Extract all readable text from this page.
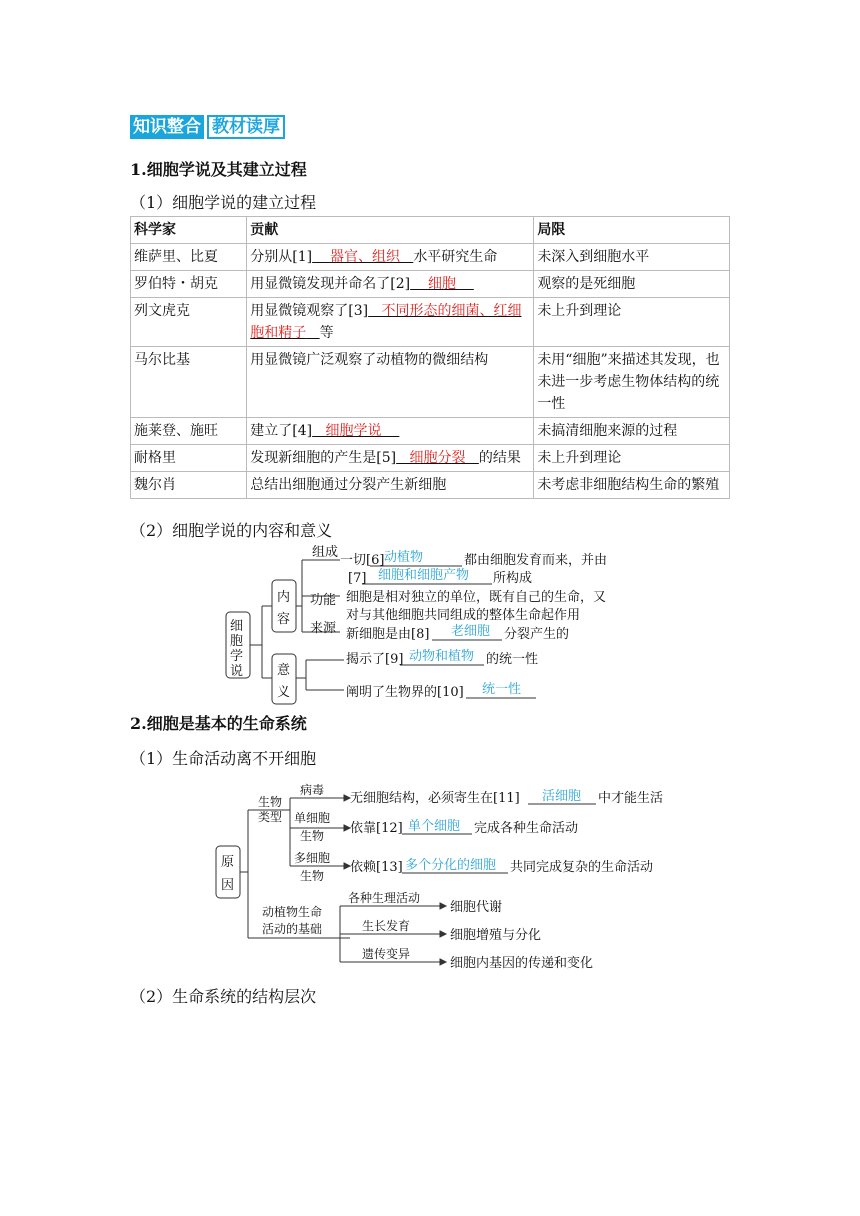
知识整合 教材读厚
1.细胞学说及其建立过程
（1）细胞学说的建立过程
科学家	贡献	局限
维萨里、比夏	分别从[1] 器官、组织 水平研究生命	未深入到细胞水平
罗伯特・胡克	用显微镜发现并命名了[2] 细胞	观察的是死细胞
列文虎克	用显微镜观察了[3] 不同形态的细菌、红细胞和精子 等	未上升到理论
马尔比基	用显微镜广泛观察了动植物的微细结构	未用“细胞”来描述其发现，也未进一步考虑生物体结构的统一性
施莱登、施旺	建立了[4] 细胞学说	未搞清细胞来源的过程
耐格里	发现新细胞的产生是[5] 细胞分裂 的结果	未上升到理论
魏尔肖	总结出细胞通过分裂产生新细胞	未考虑非细胞结构生命的繁殖
（2）细胞学说的内容和意义
细
胞
学
说
内
容
意
义
组成
功能
来源
一切[6] 动植物	都由细胞发育而来，并由
[7] 细胞和细胞产物 所构成
细胞是相对独立的单位，既有自己的生命，又
对与其他细胞共同组成的整体生命起作用
新细胞是由[8] 老细胞 分裂产生的
揭示了[9] 动物和植物 的统一性
阐明了生物界的[10] 统一性
原
因
生物
类型
病毒
单细胞
生物
多细胞
生物
无细胞结构，必须寄生在[11] 活细胞 中才能生活
依靠[12] 单个细胞 完成各种生命活动
依赖[13] 多个分化的细胞 共同完成复杂的生命活动
动植物生命
活动的基础
各种生理活动
生长发育
遗传变异
细胞代谢
细胞增殖与分化
细胞内基因的传递和变化
2.细胞是基本的生命系统
（1）生命活动离不开细胞
（2）生命系统的结构层次
